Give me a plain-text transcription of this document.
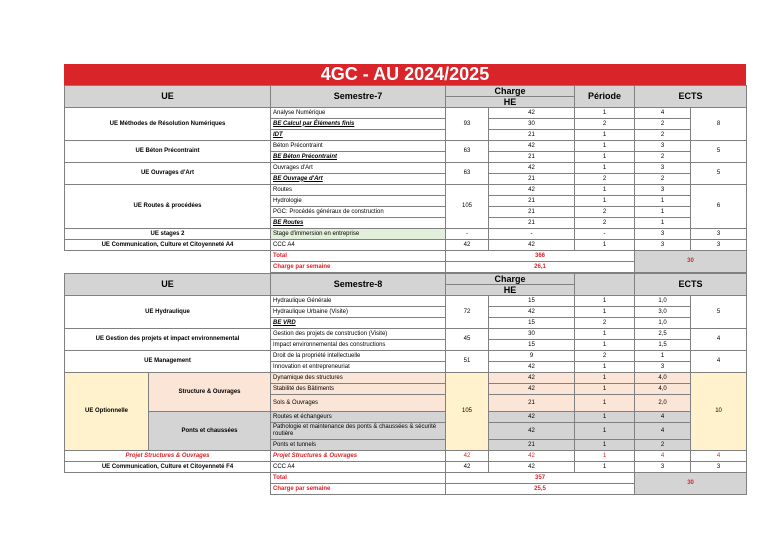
4GC - AU 2024/2025
UE	Semestre-7	Charge		Période	ECTS	
		HE				
UE Méthodes de Résolution Numériques	Analyse Numérique	93	42	1	4	8
	BE Calcul par Éléments finis		30	2	2	
	IDT		21	1	2	
UE Béton Précontraint	Béton Précontraint	63	42	1	3	5
	BE Béton Précontraint		21	1	2	
UE Ouvrages d'Art	Ouvrages d'Art	63	42	1	3	5
	BE Ouvrage d'Art		21	2	2	
UE Routes & procédées	Routes	105	42	1	3	6
	Hydrologie		21	1	1	
	PGC: Procédés généraux de construction		21	2	1	
	BE Routes		21	2	1	
UE stages 2	Stage d'immersion en entreprise	-	-	-	3	3
UE Communication, Culture et Citoyenneté A4	CCC A4	42	42	1	3	3
	Total	366			30	
	Charge par semaine	26,1				
UE		Semestre-8	Charge			ECTS	
			HE				
UE Hydraulique		Hydraulique Générale	72	15	1	1,0	5
		Hydraulique Urbaine (Visite)		42	1	3,0	
		BE VRD		15	2	1,0	
UE Gestion des projets et impact environnemental		Gestion des projets de construction (Visite)	45	30	1	2,5	4
		Impact environnemental des constructions		15	1	1,5	
UE Management		Droit de la propriété intellectuelle	51	9	2	1	4
		Innovation et entrepreneuriat		42	1	3	
UE Optionnelle	Structure & Ouvrages	Dynamique des structures	105	42	1	4,0	10
		Stabilité des Bâtiments		42	1	4,0	
		Sols & Ouvrages		21	1	2,0	
	Ponts et chaussées	Routes et échangeurs		42	1	4	
		Pathologie et maintenance des ponts & chaussées & sécurité routière		42	1	4	
		Ponts et tunnels		21	1	2	
Projet Structures & Ouvrages		Projet Structures & Ouvrages	42	42	1	4	4
UE Communication, Culture et Citoyenneté F4		CCC A4	42	42	1	3	3
		Total	357			30	
		Charge par semaine	25,5				
